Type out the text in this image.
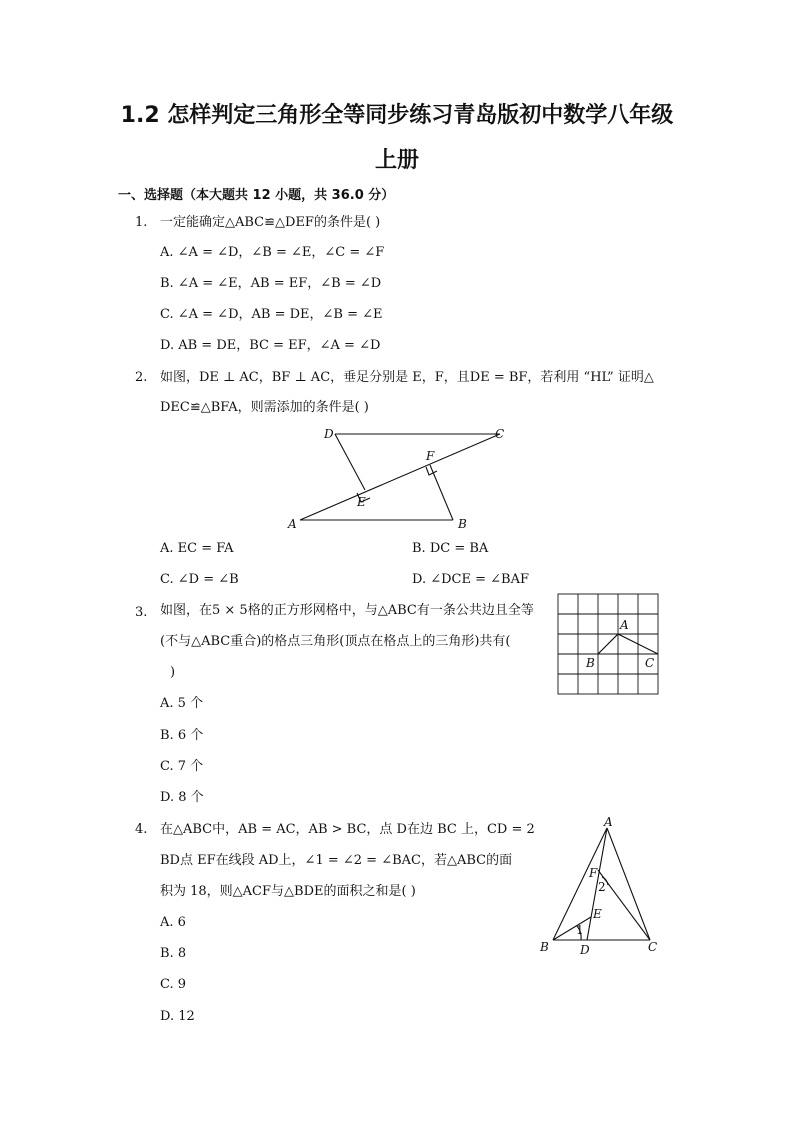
1.2 怎样判定三角形全等同步练习青岛版初中数学八年级
上册
一、选择题（本大题共 12 小题，共 36.0 分）
1. 一定能确定△ABC≌△DEF的条件是( )
A. ∠A = ∠D，∠B = ∠E，∠C = ∠F
B. ∠A = ∠E，AB = EF，∠B = ∠D
C. ∠A = ∠D，AB = DE，∠B = ∠E
D. AB = DE，BC = EF，∠A = ∠D
2. 如图，DE ⊥ AC，BF ⊥ AC，垂足分别是 E，F，且DE = BF，若利用 “HL” 证明△
DEC≌△BFA，则需添加的条件是( )
D	C
F
E
A	B
A. EC = FA	B. DC = BA
C. ∠D = ∠B	D. ∠DCE = ∠BAF
3. 如图，在5 × 5格的正方形网格中，与△ABC有一条公共边且全等
(不与△ABC重合)的格点三角形(顶点在格点上的三角形)共有(
)
A
B	C
A. 5 个
B. 6 个
C. 7 个
D. 8 个
4. 在△ABC中，AB = AC，AB > BC，点 D在边 BC 上，CD = 2
BD点 EF在线段 AD上，∠1 = ∠2 = ∠BAC，若△ABC的面
积为 18，则△ACF与△BDE的面积之和是( )
A
F
2
E
1
B	D	C
A. 6
B. 8
C. 9
D. 12
